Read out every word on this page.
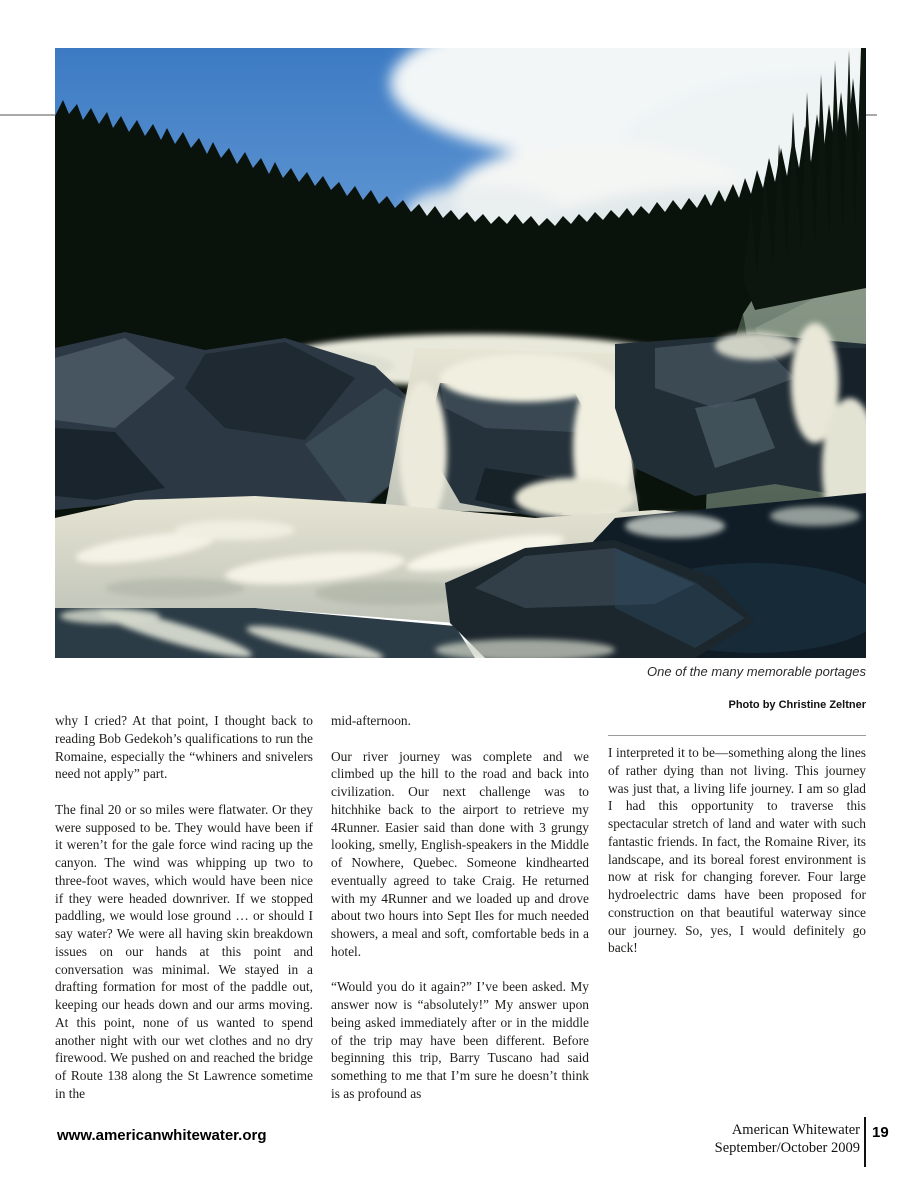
One of the many memorable portages
Photo by Christine Zeltner

why I cried? At that point, I thought back to reading Bob Gedekoh’s qualifications to run the Romaine, especially the “whiners and snivelers need not apply” part.

The final 20 or so miles were flatwater. Or they were supposed to be. They would have been if it weren’t for the gale force wind racing up the canyon. The wind was whipping up two to three-foot waves, which would have been nice if they were headed downriver. If we stopped paddling, we would lose ground … or should I say water? We were all having skin breakdown issues on our hands at this point and conversation was minimal. We stayed in a drafting formation for most of the paddle out, keeping our heads down and our arms moving. At this point, none of us wanted to spend another night with our wet clothes and no dry firewood. We pushed on and reached the bridge of Route 138 along the St Lawrence sometime in the

mid-afternoon.

Our river journey was complete and we climbed up the hill to the road and back into civilization. Our next challenge was to hitchhike back to the airport to retrieve my 4Runner. Easier said than done with 3 grungy looking, smelly, English-speakers in the Middle of Nowhere, Quebec. Someone kindhearted eventually agreed to take Craig. He returned with my 4Runner and we loaded up and drove about two hours into Sept Iles for much needed showers, a meal and soft, comfortable beds in a hotel.

“Would you do it again?” I’ve been asked. My answer now is “absolutely!” My answer upon being asked immediately after or in the middle of the trip may have been different. Before beginning this trip, Barry Tuscano had said something to me that I’m sure he doesn’t think is as profound as

I interpreted it to be—something along the lines of rather dying than not living. This journey was just that, a living life journey. I am so glad I had this opportunity to traverse this spectacular stretch of land and water with such fantastic friends. In fact, the Romaine River, its landscape, and its boreal forest environment is now at risk for changing forever. Four large hydroelectric dams have been proposed for construction on that beautiful waterway since our journey. So, yes, I would definitely go back!

www.americanwhitewater.org	American Whitewater
September/October 2009
19
